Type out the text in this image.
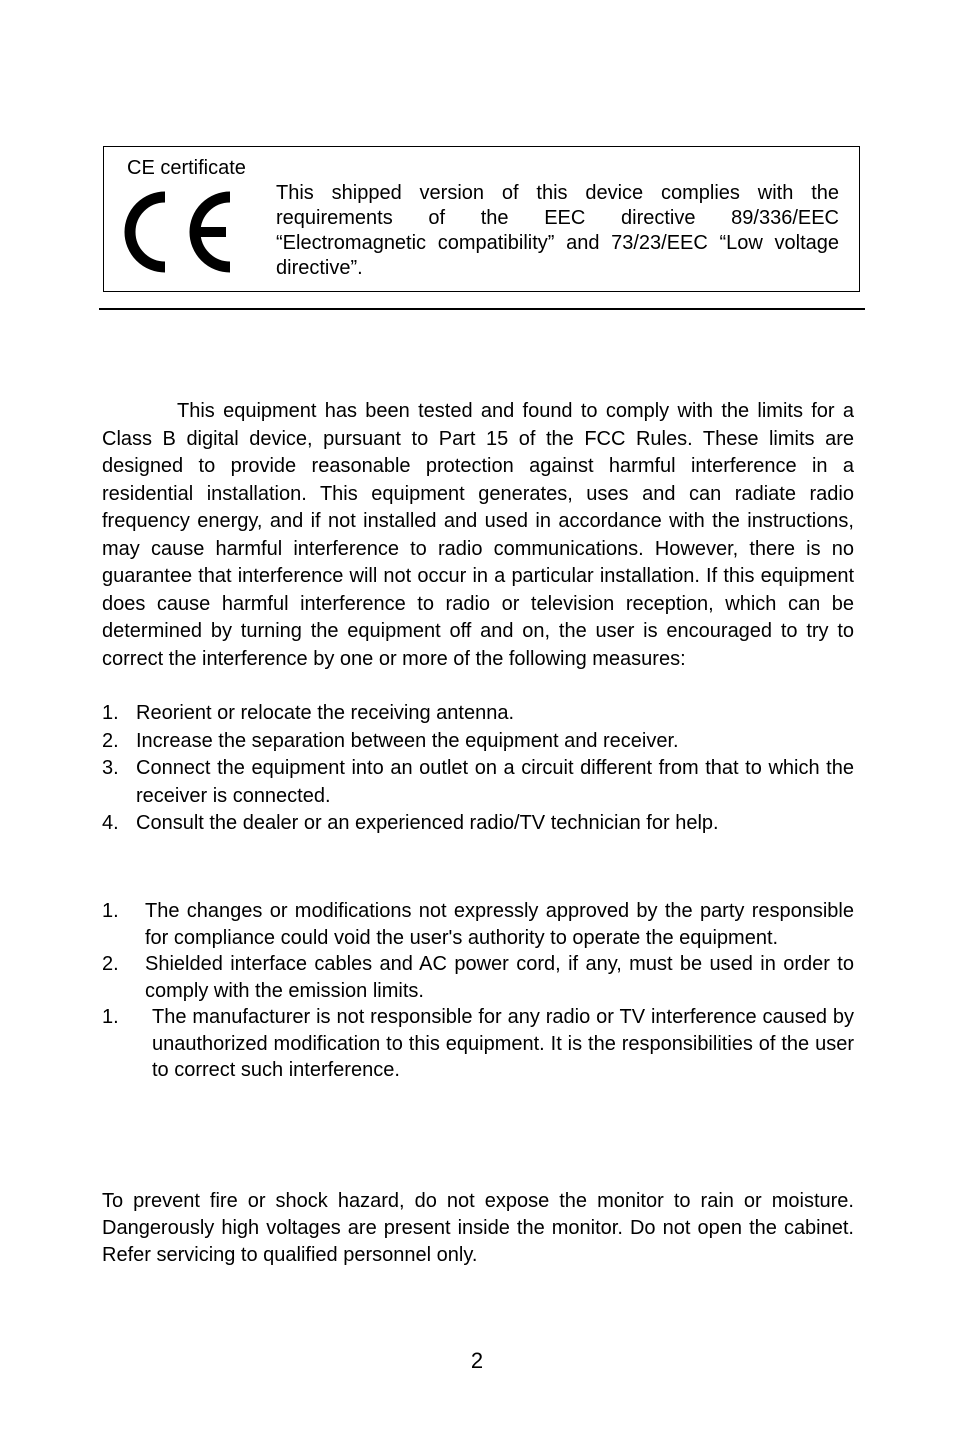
CE certificate
This shipped version of this device complies with the requirements of the EEC directive 89/336/EEC “Electromagnetic compatibility” and 73/23/EEC “Low voltage directive”.

This equipment has been tested and found to comply with the limits for a Class B digital device, pursuant to Part 15 of the FCC Rules. These limits are designed to provide reasonable protection against harmful interference in a residential installation. This equipment generates, uses and can radiate radio frequency energy, and if not installed and used in accordance with the instructions, may cause harmful interference to radio communications. However, there is no guarantee that interference will not occur in a particular installation. If this equipment does cause harmful interference to radio or television reception, which can be determined by turning the equipment off and on, the user is encouraged to try to correct the interference by one or more of the following measures:

1. Reorient or relocate the receiving antenna.
2. Increase the separation between the equipment and receiver.
3. Connect the equipment into an outlet on a circuit different from that to which the receiver is connected.
4. Consult the dealer or an experienced radio/TV technician for help.
1. The changes or modifications not expressly approved by the party responsible for compliance could void the user's authority to operate the equipment.
2. Shielded interface cables and AC power cord, if any, must be used in order to comply with the emission limits.
1. The manufacturer is not responsible for any radio or TV interference caused by unauthorized modification to this equipment. It is the responsibilities of the user to correct such interference.

To prevent fire or shock hazard, do not expose the monitor to rain or moisture. Dangerously high voltages are present inside the monitor. Do not open the cabinet. Refer servicing to qualified personnel only.

2
